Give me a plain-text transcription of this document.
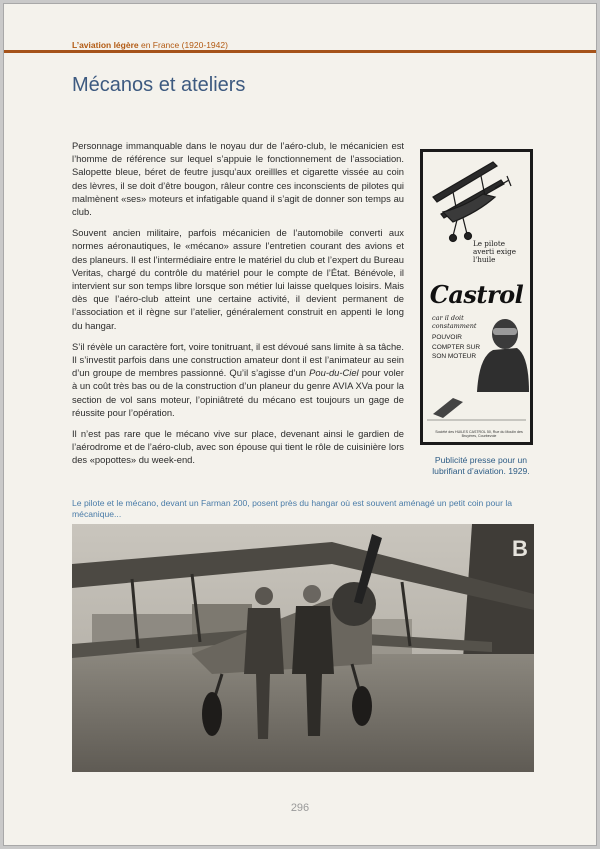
L’aviation légère en France (1920-1942)
Mécanos et ateliers

Personnage immanquable dans le noyau dur de l’aéro-club, le mécanicien est l’homme de référence sur lequel s’appuie le fonctionnement de l’association. Salopette bleue, béret de feutre jusqu’aux oreillles et cigarette vissée au coin des lèvres, il se doit d’être bougon, râleur contre ces inconscients de pilotes qui malmènent «ses» moteurs et infatigable quand il s’agit de donner son temps au club.

Souvent ancien militaire, parfois mécanicien de l’automobile converti aux normes aéronautiques, le «mécano» assure l’entretien courant des avions et des planeurs. Il est l’intermédiaire entre le matériel du club et l’expert du Bureau Veritas, chargé du contrôle du matériel pour le compte de l’État. Bénévole, il intervient sur son temps libre lorsque son métier lui laisse quelques loisirs. Mais dès que l’aéro-club atteint une certaine activité, il devient permanent de l’association et il règne sur l’atelier, généralement construit en appenti le long du hangar.

S’il révèle un caractère fort, voire tonitruant, il est dévoué sans limite à sa tâche. Il s’investit parfois dans une construction amateur dont il est l’animateur au sein d’un groupe de membres passionné. Qu’il s’agisse d’un Pou-du-Ciel pour voler à un coût très bas ou de la construction d’un planeur du genre AVIA XVa pour la section de vol sans moteur, l’opiniâtreté du mécano est toujours un gage de réussite pour l’opération.

Il n’est pas rare que le mécano vive sur place, devenant ainsi le gardien de l’aérodrome et de l’aéro-club, avec son épouse qui tient le rôle de cuisinière lors des «popottes» du week-end.

Le pilote averti exige l'huile
Castrol
car il doit constamment
POUVOIR COMPTER SUR SON MOTEUR
Société des HUILES CASTROL 50, Rue du Moulin des Bruyères, Courbevoie
Publicité presse pour un lubrifiant d’aviation. 1929.
Le pilote et le mécano, devant un Farman 200, posent près du hangar où est souvent aménagé un petit coin pour la mécanique...
B
296
